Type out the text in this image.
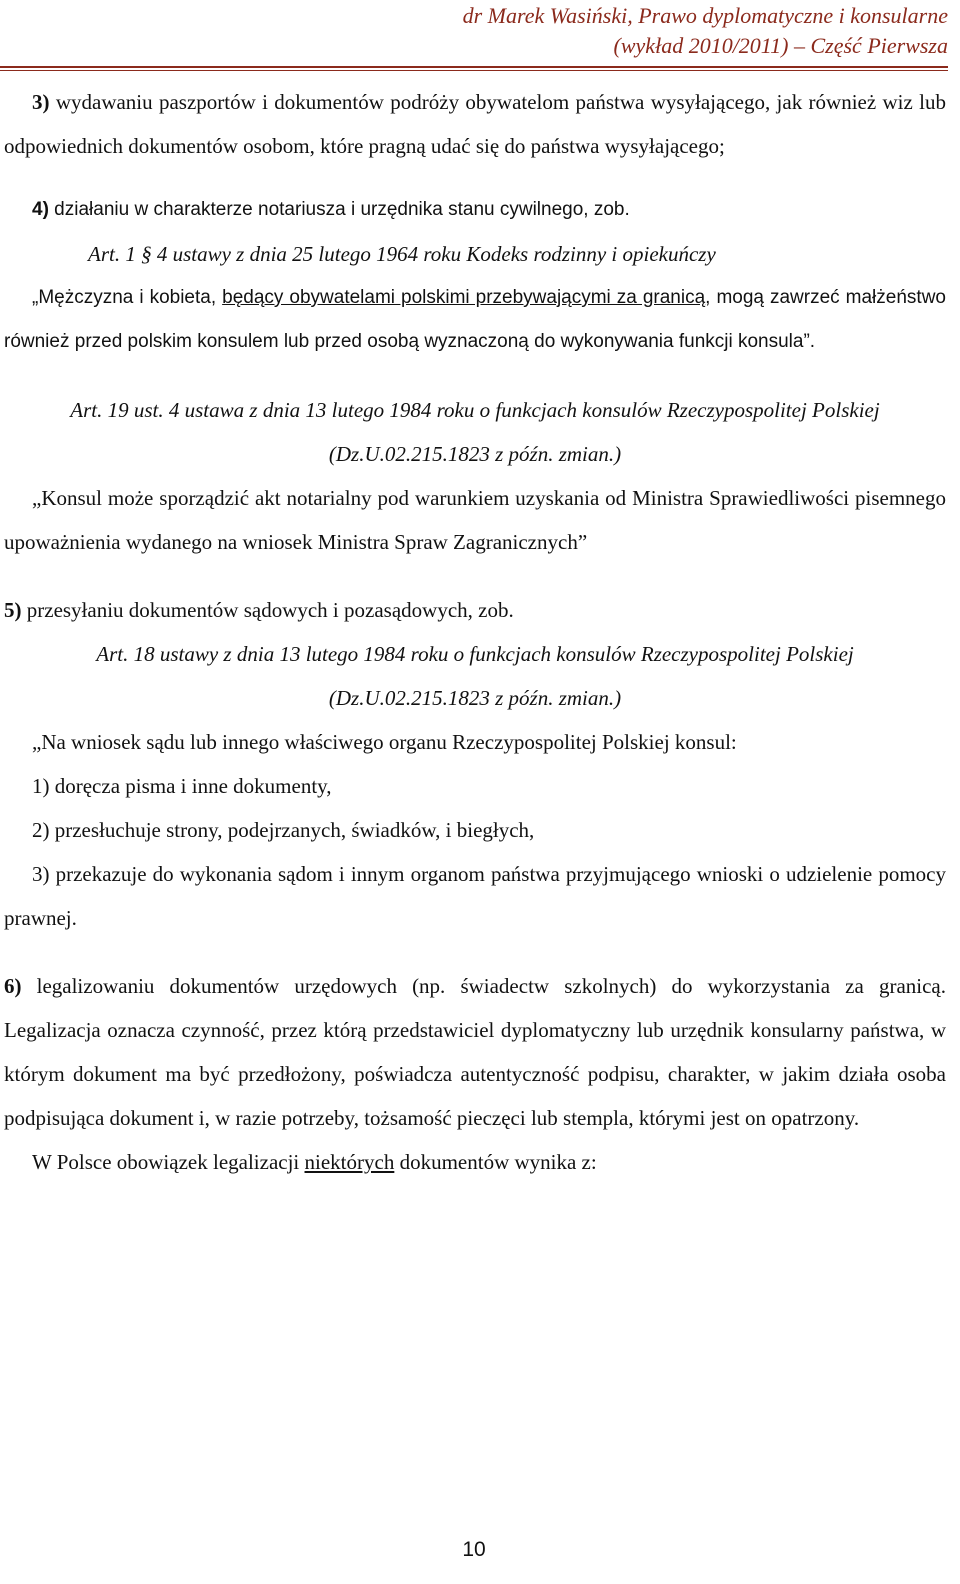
dr Marek Wasiński, Prawo dyplomatyczne i konsularne
(wykład 2010/2011) – Część Pierwsza

3) wydawaniu paszportów i dokumentów podróży obywatelom państwa wysyłającego, jak również wiz lub odpowiednich dokumentów osobom, które pragną udać się do państwa wysyłającego;

4) działaniu w charakterze notariusza i urzędnika stanu cywilnego, zob.

Art. 1 § 4 ustawy z dnia 25 lutego 1964 roku Kodeks rodzinny i opiekuńczy

„Mężczyzna i kobieta, będący obywatelami polskimi przebywającymi za granicą, mogą zawrzeć małżeństwo również przed polskim konsulem lub przed osobą wyznaczoną do wykonywania funkcji konsula”.

Art. 19 ust. 4 ustawa z dnia 13 lutego 1984 roku o funkcjach konsulów Rzeczypospolitej Polskiej (Dz.U.02.215.1823 z późn. zmian.)

„Konsul może sporządzić akt notarialny pod warunkiem uzyskania od Ministra Sprawiedliwości pisemnego upoważnienia wydanego na wniosek Ministra Spraw Zagranicznych”

5) przesyłaniu dokumentów sądowych i pozasądowych, zob.

Art. 18 ustawy z dnia 13 lutego 1984 roku o funkcjach konsulów Rzeczypospolitej Polskiej (Dz.U.02.215.1823 z późn. zmian.)

„Na wniosek sądu lub innego właściwego organu Rzeczypospolitej Polskiej konsul:

1) doręcza pisma i inne dokumenty,

2) przesłuchuje strony, podejrzanych, świadków, i biegłych,

3) przekazuje do wykonania sądom i innym organom państwa przyjmującego wnioski o udzielenie pomocy prawnej.

6) legalizowaniu dokumentów urzędowych (np. świadectw szkolnych) do wykorzystania za granicą. Legalizacja oznacza czynność, przez którą przedstawiciel dyplomatyczny lub urzędnik konsularny państwa, w którym dokument ma być przedłożony, poświadcza autentyczność podpisu, charakter, w jakim działa osoba podpisująca dokument i, w razie potrzeby, tożsamość pieczęci lub stempla, którymi jest on opatrzony.

W Polsce obowiązek legalizacji niektórych dokumentów wynika z:

10
